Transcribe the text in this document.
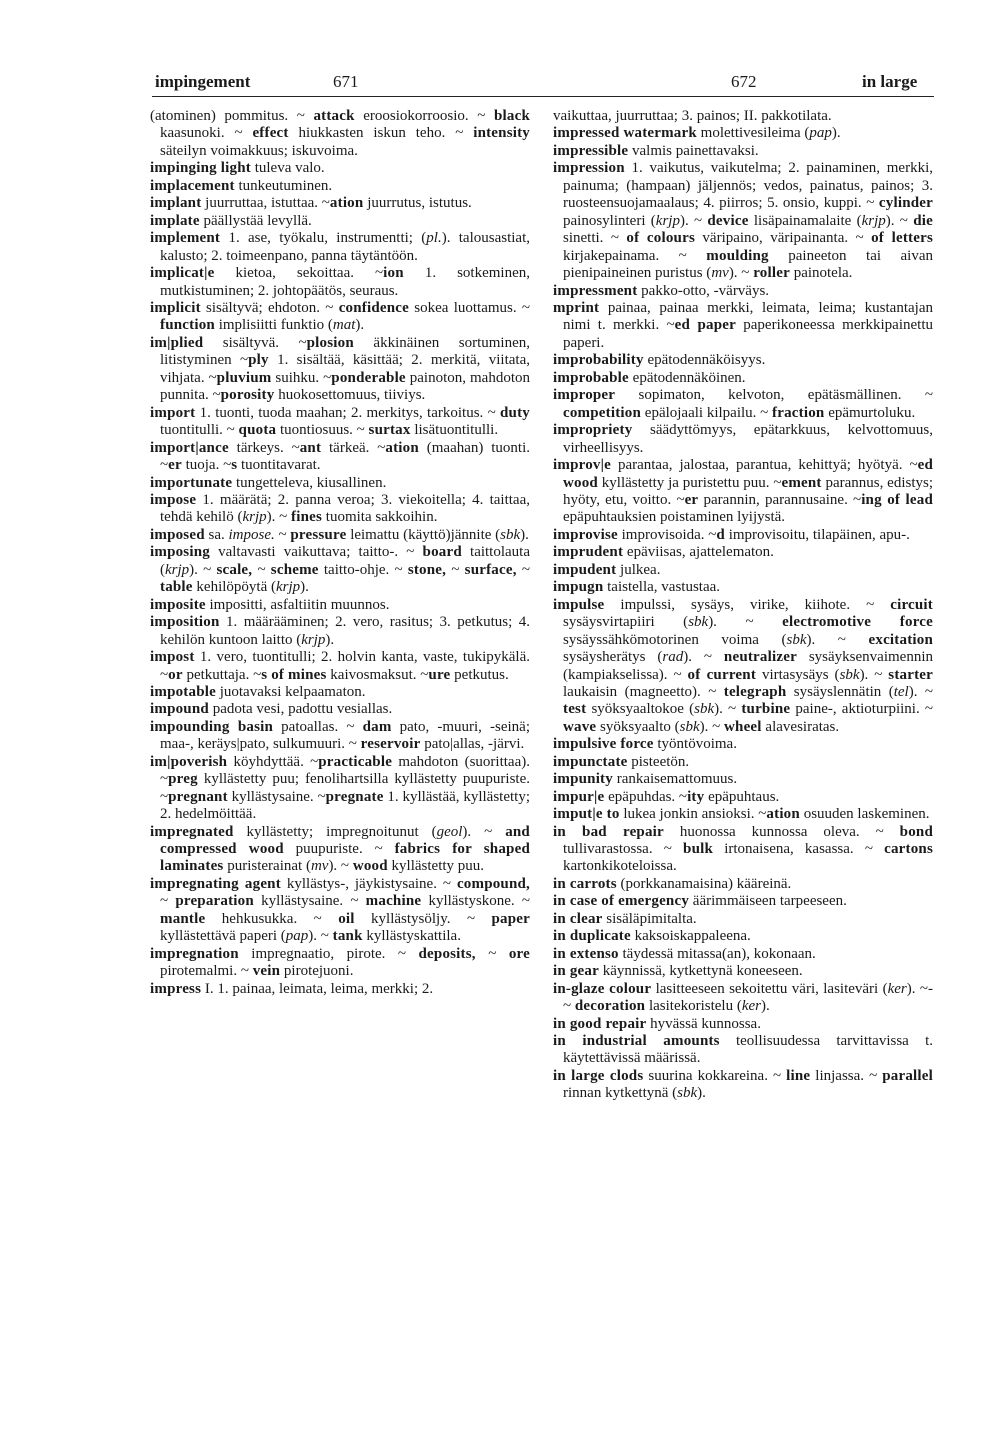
impingement	671	672	in large

(atominen) pommitus. ~ attack eroosiokorroosio. ~ black kaasunoki. ~ effect hiukkasten iskun teho. ~ intensity säteilyn voimakkuus; iskuvoima.

impinging light tuleva valo.

implacement tunkeutuminen.

implant juurruttaa, istuttaa. ~ation juurrutus, istutus.

implate päällystää levyllä.

implement 1. ase, työkalu, instrumentti; (pl.). talousastiat, kalusto; 2. toimeenpano, panna täytäntöön.

implicat|e kietoa, sekoittaa. ~ion 1. sotkeminen, mutkistuminen; 2. johtopäätös, seuraus.

implicit sisältyvä; ehdoton. ~ confidence sokea luottamus. ~ function implisiitti funktio (mat).

im|plied sisältyvä. ~plosion äkkinäinen sortuminen, litistyminen ~ply 1. sisältää, käsittää; 2. merkitä, viitata, vihjata. ~pluvium suihku. ~ponderable painoton, mahdoton punnita. ~porosity huokosettomuus, tiiviys.

import 1. tuonti, tuoda maahan; 2. merkitys, tarkoitus. ~ duty tuontitulli. ~ quota tuontiosuus. ~ surtax lisätuontitulli.

import|ance tärkeys. ~ant tärkeä. ~ation (maahan) tuonti. ~er tuoja. ~s tuontitavarat.

importunate tungetteleva, kiusallinen.

impose 1. määrätä; 2. panna veroa; 3. viekoitella; 4. taittaa, tehdä kehilö (krjp). ~ fines tuomita sakkoihin.

imposed sa. impose. ~ pressure leimattu (käyttö)jännite (sbk).

imposing valtavasti vaikuttava; taitto-. ~ board taittolauta (krjp). ~ scale, ~ scheme taitto-ohje. ~ stone, ~ surface, ~ table kehilöpöytä (krjp).

imposite impositti, asfaltiitin muunnos.

imposition 1. määrääminen; 2. vero, rasitus; 3. petkutus; 4. kehilön kuntoon laitto (krjp).

impost 1. vero, tuontitulli; 2. holvin kanta, vaste, tukipykälä. ~or petkuttaja. ~s of mines kaivosmaksut. ~ure petkutus.

impotable juotavaksi kelpaamaton.

impound padota vesi, padottu vesiallas.

impounding basin patoallas. ~ dam pato, -muuri, -seinä; maa-, keräys|pato, sulkumuuri. ~ reservoir pato|allas, -järvi.

im|poverish köyhdyttää. ~practicable mahdoton (suorittaa). ~preg kyllästetty puu; fenolihartsilla kyllästetty puupuriste. ~pregnant kyllästysaine. ~pregnate 1. kyllästää, kyllästetty; 2. hedelmöittää.

impregnated kyllästetty; impregnoitunut (geol). ~ and compressed wood puupuriste. ~ fabrics for shaped laminates puristerainat (mv). ~ wood kyllästetty puu.

impregnating agent kyllästys-, jäykistysaine. ~ compound, ~ preparation kyllästysaine. ~ machine kyllästyskone. ~ mantle hehkusukka. ~ oil kyllästysöljy. ~ paper kyllästettävä paperi (pap). ~ tank kyllästyskattila.

impregnation impregnaatio, pirote. ~ deposits, ~ ore pirotemalmi. ~ vein pirotejuoni.

impress I. 1. painaa, leimata, leima, merkki; 2.

vaikuttaa, juurruttaa; 3. painos; II. pakkotilata.

impressed watermark molettivesileima (pap).

impressible valmis painettavaksi.

impression 1. vaikutus, vaikutelma; 2. painaminen, merkki, painuma; (hampaan) jäljennös; vedos, painatus, painos; 3. ruosteensuojamaalaus; 4. piirros; 5. onsio, kuppi. ~ cylinder painosylinteri (krjp). ~ device lisäpainamalaite (krjp). ~ die sinetti. ~ of colours väripaino, väripainanta. ~ of letters kirjakepainama. ~ moulding paineeton tai aivan pienipaineinen puristus (mv). ~ roller painotela.

impressment pakko-otto, -värväys.

mprint painaa, painaa merkki, leimata, leima; kustantajan nimi t. merkki. ~ed paper paperikoneessa merkkipainettu paperi.

improbability epätodennäköisyys.

improbable epätodennäköinen.

improper sopimaton, kelvoton, epätäsmällinen. ~ competition epälojaali kilpailu. ~ fraction epämurtoluku.

impropriety säädyttömyys, epätarkkuus, kelvottomuus, virheellisyys.

improv|e parantaa, jalostaa, parantua, kehittyä; hyötyä. ~ed wood kyllästetty ja puristettu puu. ~ement parannus, edistys; hyöty, etu, voitto. ~er parannin, parannusaine. ~ing of lead epäpuhtauksien poistaminen lyijystä.

improvise improvisoida. ~d improvisoitu, tilapäinen, apu-.

imprudent epäviisas, ajattelematon.

impudent julkea.

impugn taistella, vastustaa.

impulse impulssi, sysäys, virike, kiihote. ~ circuit sysäysvirtapiiri (sbk). ~ electromotive force sysäyssähkömotorinen voima (sbk). ~ excitation sysäysherätys (rad). ~ neutralizer sysäyksenvaimennin (kampiakselissa). ~ of current virtasysäys (sbk). ~ starter laukaisin (magneetto). ~ telegraph sysäyslennätin (tel). ~ test syöksyaaltokoe (sbk). ~ turbine paine-, aktioturpiini. ~ wave syöksyaalto (sbk). ~ wheel alavesiratas.

impulsive force työntövoima.

impunctate pisteetön.

impunity rankaisemattomuus.

impur|e epäpuhdas. ~ity epäpuhtaus.

imput|e to lukea jonkin ansioksi. ~ation osuuden laskeminen.

in bad repair huonossa kunnossa oleva. ~ bond tullivarastossa. ~ bulk irtonaisena, kasassa. ~ cartons kartonkikoteloissa.

in carrots (porkkanamaisina) kääreinä.

in case of emergency äärimmäiseen tarpeeseen.

in clear sisäläpimitalta.

in duplicate kaksoiskappaleena.

in extenso täydessä mitassa(an), kokonaan.

in gear käynnissä, kytkettynä koneeseen.

in-glaze colour lasitteeseen sekoitettu väri, lasiteväri (ker). ~-~ decoration lasitekoristelu (ker).

in good repair hyvässä kunnossa.

in industrial amounts teollisuudessa tarvittavissa t. käytettävissä määrissä.

in large clods suurina kokkareina. ~ line linjassa. ~ parallel rinnan kytkettynä (sbk).
